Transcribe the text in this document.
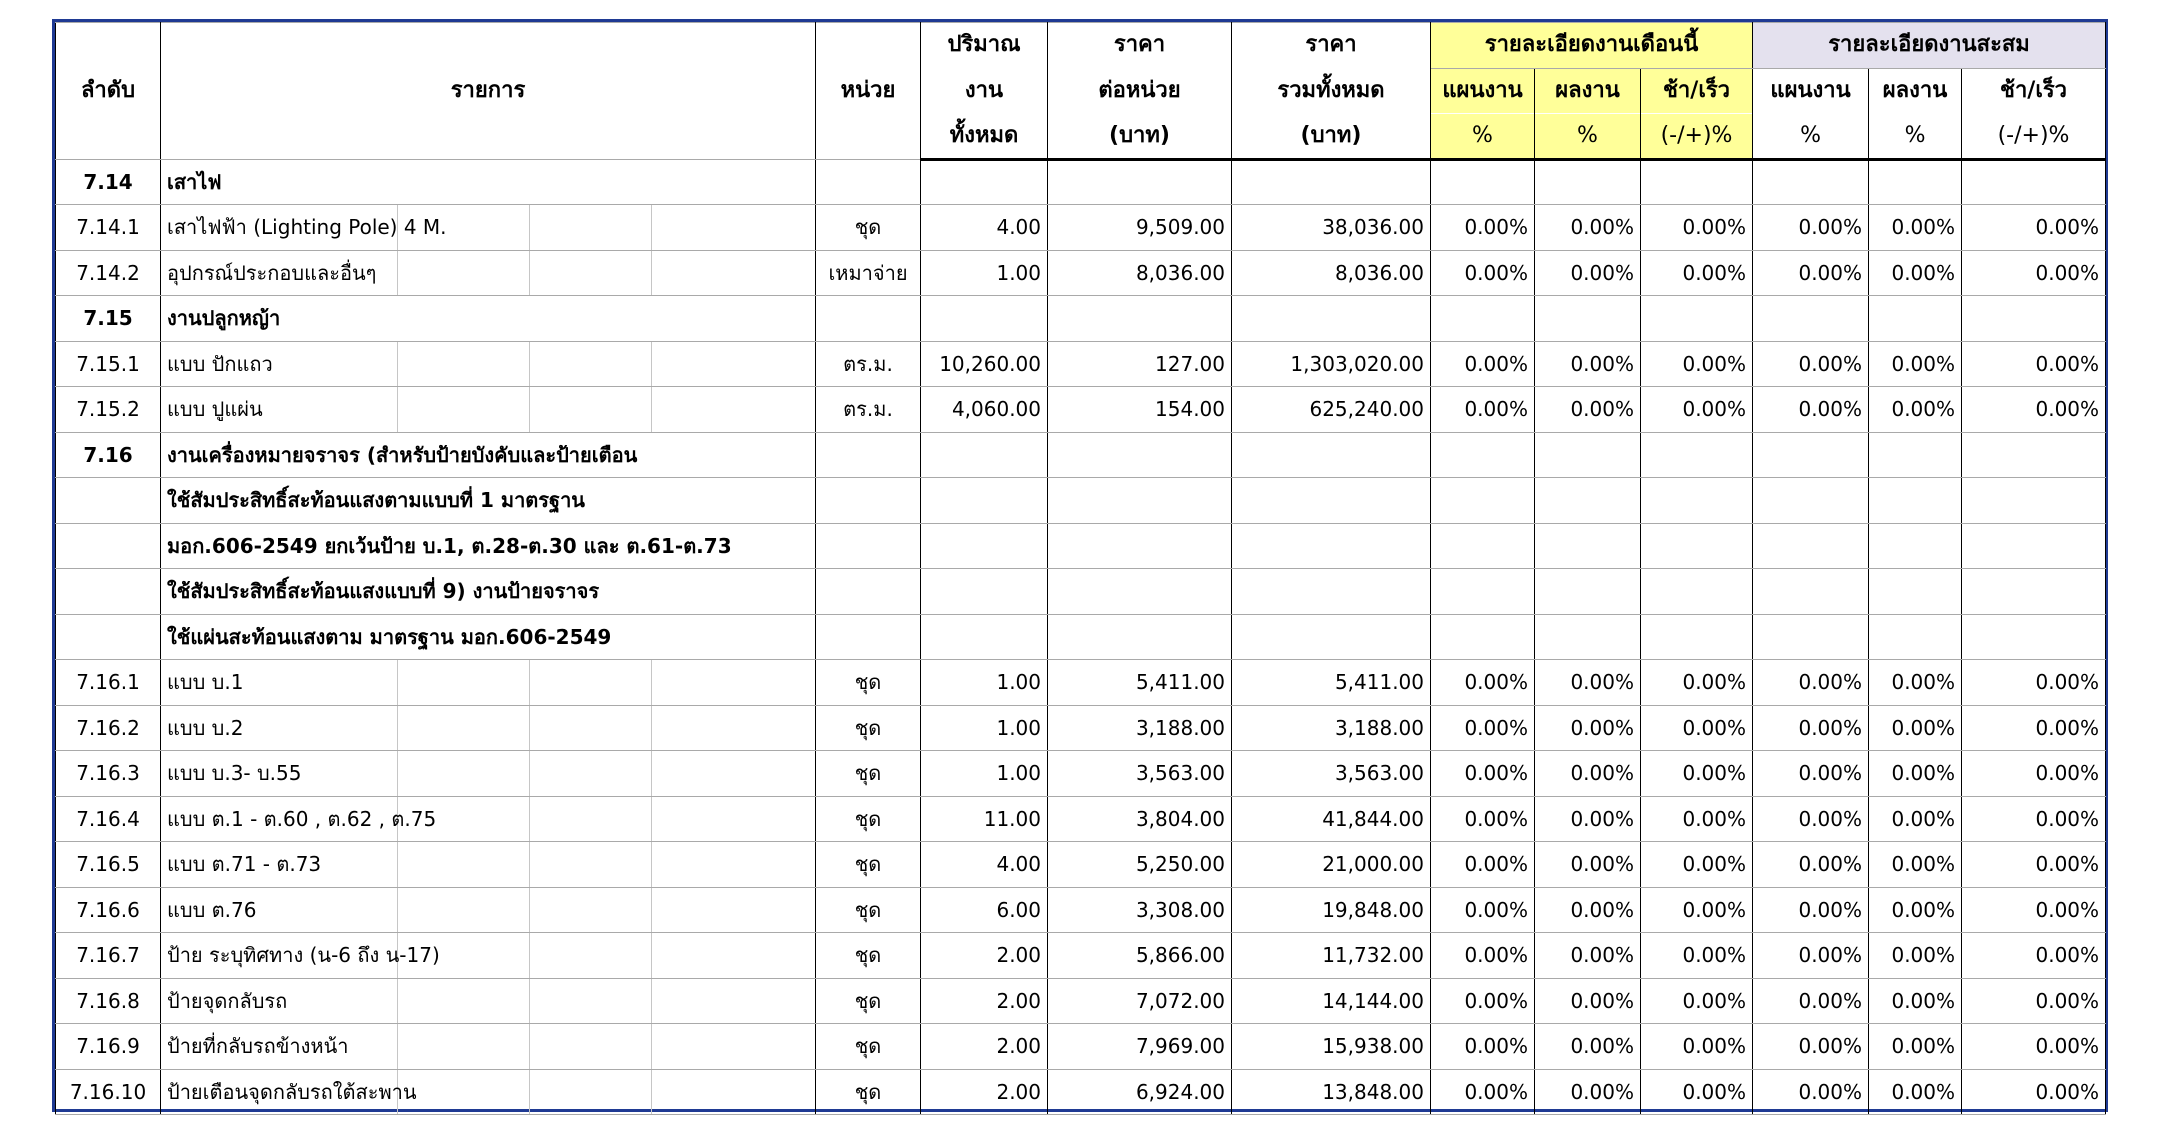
ลำดับ	รายการ	หน่วย	ปริมาณ	ราคา	ราคา	รายละเอียดงานเดือนนี้			รายละเอียดงานสะสม		
			งาน	ต่อหน่วย	รวมทั้งหมด	แผนงาน	ผลงาน	ช้า/เร็ว	แผนงาน	ผลงาน	ช้า/เร็ว
			ทั้งหมด	(บาท)	(บาท)	%	%	(-/+)%	%	%	(-/+)%
7.14	เสาไฟ										
7.14.1	เสาไฟฟ้า (Lighting Pole) 4 M.	ชุด	4.00	9,509.00	38,036.00	0.00%	0.00%	0.00%	0.00%	0.00%	0.00%
7.14.2	อุปกรณ์ประกอบและอื่นๆ	เหมาจ่าย	1.00	8,036.00	8,036.00	0.00%	0.00%	0.00%	0.00%	0.00%	0.00%
7.15	งานปลูกหญ้า										
7.15.1	แบบ ปักแถว	ตร.ม.	10,260.00	127.00	1,303,020.00	0.00%	0.00%	0.00%	0.00%	0.00%	0.00%
7.15.2	แบบ ปูแผ่น	ตร.ม.	4,060.00	154.00	625,240.00	0.00%	0.00%	0.00%	0.00%	0.00%	0.00%
7.16	งานเครื่องหมายจราจร (สำหรับป้ายบังคับและป้ายเตือน										
	ใช้สัมประสิทธิ์สะท้อนแสงตามแบบที่ 1 มาตรฐาน										
	มอก.606-2549 ยกเว้นป้าย บ.1, ต.28-ต.30 และ ต.61-ต.73										
	ใช้สัมประสิทธิ์สะท้อนแสงแบบที่ 9) งานป้ายจราจร										
	ใช้แผ่นสะท้อนแสงตาม มาตรฐาน มอก.606-2549										
7.16.1	แบบ บ.1	ชุด	1.00	5,411.00	5,411.00	0.00%	0.00%	0.00%	0.00%	0.00%	0.00%
7.16.2	แบบ บ.2	ชุด	1.00	3,188.00	3,188.00	0.00%	0.00%	0.00%	0.00%	0.00%	0.00%
7.16.3	แบบ บ.3- บ.55	ชุด	1.00	3,563.00	3,563.00	0.00%	0.00%	0.00%	0.00%	0.00%	0.00%
7.16.4	แบบ ต.1 - ต.60 , ต.62 , ต.75	ชุด	11.00	3,804.00	41,844.00	0.00%	0.00%	0.00%	0.00%	0.00%	0.00%
7.16.5	แบบ ต.71 - ต.73	ชุด	4.00	5,250.00	21,000.00	0.00%	0.00%	0.00%	0.00%	0.00%	0.00%
7.16.6	แบบ ต.76	ชุด	6.00	3,308.00	19,848.00	0.00%	0.00%	0.00%	0.00%	0.00%	0.00%
7.16.7	ป้าย ระบุทิศทาง (น-6 ถึง น-17)	ชุด	2.00	5,866.00	11,732.00	0.00%	0.00%	0.00%	0.00%	0.00%	0.00%
7.16.8	ป้ายจุดกลับรถ	ชุด	2.00	7,072.00	14,144.00	0.00%	0.00%	0.00%	0.00%	0.00%	0.00%
7.16.9	ป้ายที่กลับรถข้างหน้า	ชุด	2.00	7,969.00	15,938.00	0.00%	0.00%	0.00%	0.00%	0.00%	0.00%
7.16.10	ป้ายเตือนจุดกลับรถใต้สะพาน	ชุด	2.00	6,924.00	13,848.00	0.00%	0.00%	0.00%	0.00%	0.00%	0.00%
